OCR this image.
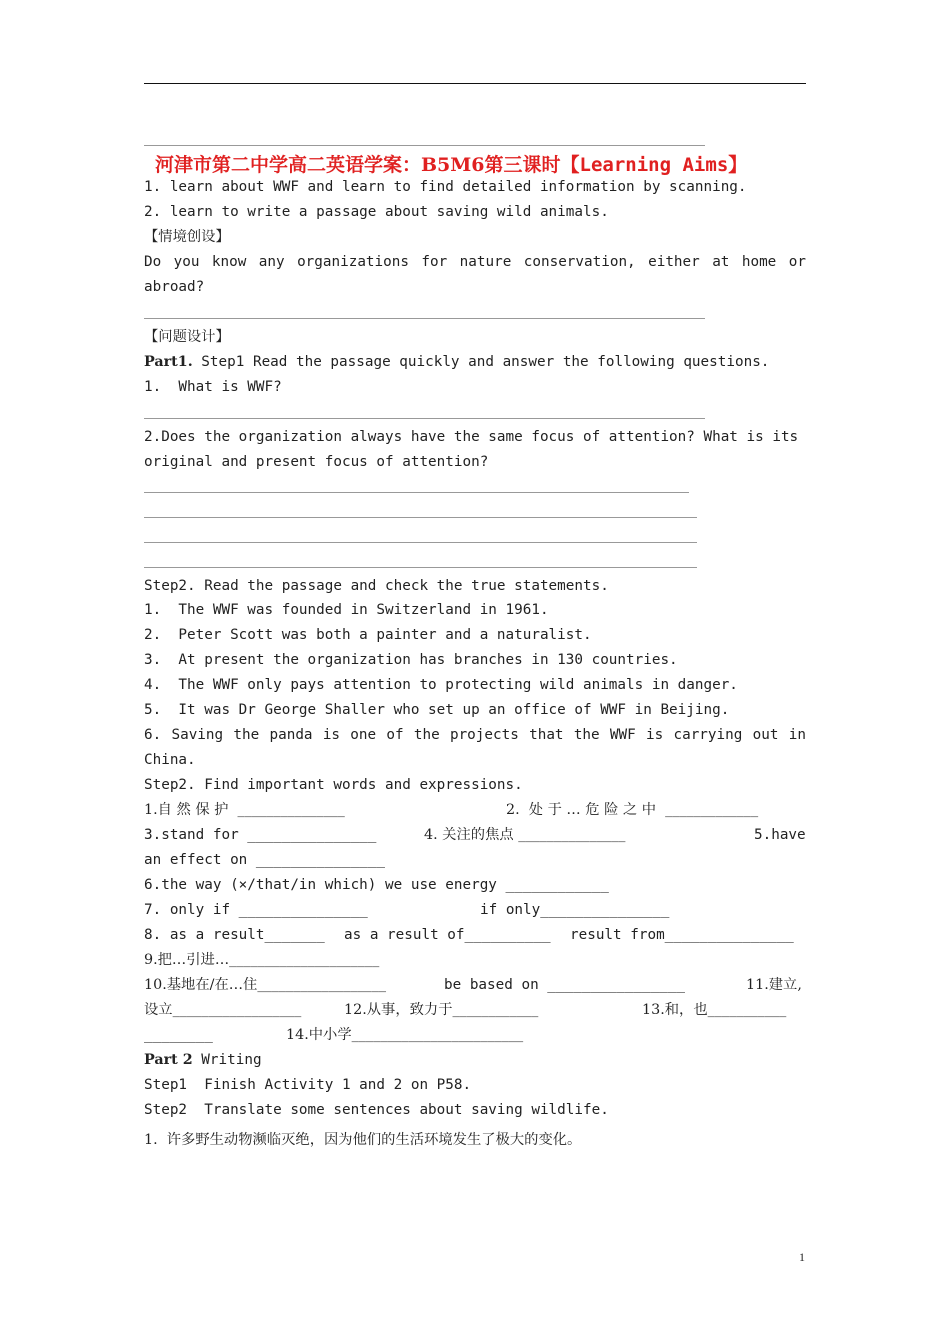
河津市第二中学高二英语学案：B5M6第三课时【Learning Aims】
1. learn about WWF and learn to find detailed information by scanning.
2. learn to write a passage about saving wild animals.
【情境创设】
Do you know any organizations for nature conservation, either at home or
abroad?
【问题设计】
Part1. Step1 Read the passage quickly and answer the following questions.
1.  What is WWF?
2.Does the organization always have the same focus of attention? What is its
original and present focus of attention?
Step2. Read the passage and check the true statements.
1.  The WWF was founded in Switzerland in 1961.
2.  Peter Scott was both a painter and a naturalist.
3.  At present the organization has branches in 130 countries.
4.  The WWF only pays attention to protecting wild animals in danger.
5.  It was Dr George Shaller who set up an office of WWF in Beijing.
6. Saving the panda is one of the projects that the WWF is carrying out in
China.
Step2. Find important words and expressions.
1.自 然 保 护  _______________	2.  处 于 … 危 险 之 中  _____________
3.stand for _______________	4. 关注的焦点 _______________	5.have
an effect on _______________
6.the way (×/that/in which) we use energy ____________
7. only if _______________	if only_______________
8. as a result_______ as a result of__________ result from_______________
9.把…引进…_____________________
10.基地在/在…住__________________	be based on ________________	11.建立,
设立__________________	12.从事，致力于____________	13.和，也___________
________	14.中小学________________________
Part 2 Writing
Step1  Finish Activity 1 and 2 on P58.
Step2  Translate some sentences about saving wildlife.
1.  许多野生动物濒临灭绝，因为他们的生活环境发生了极大的变化。
1
